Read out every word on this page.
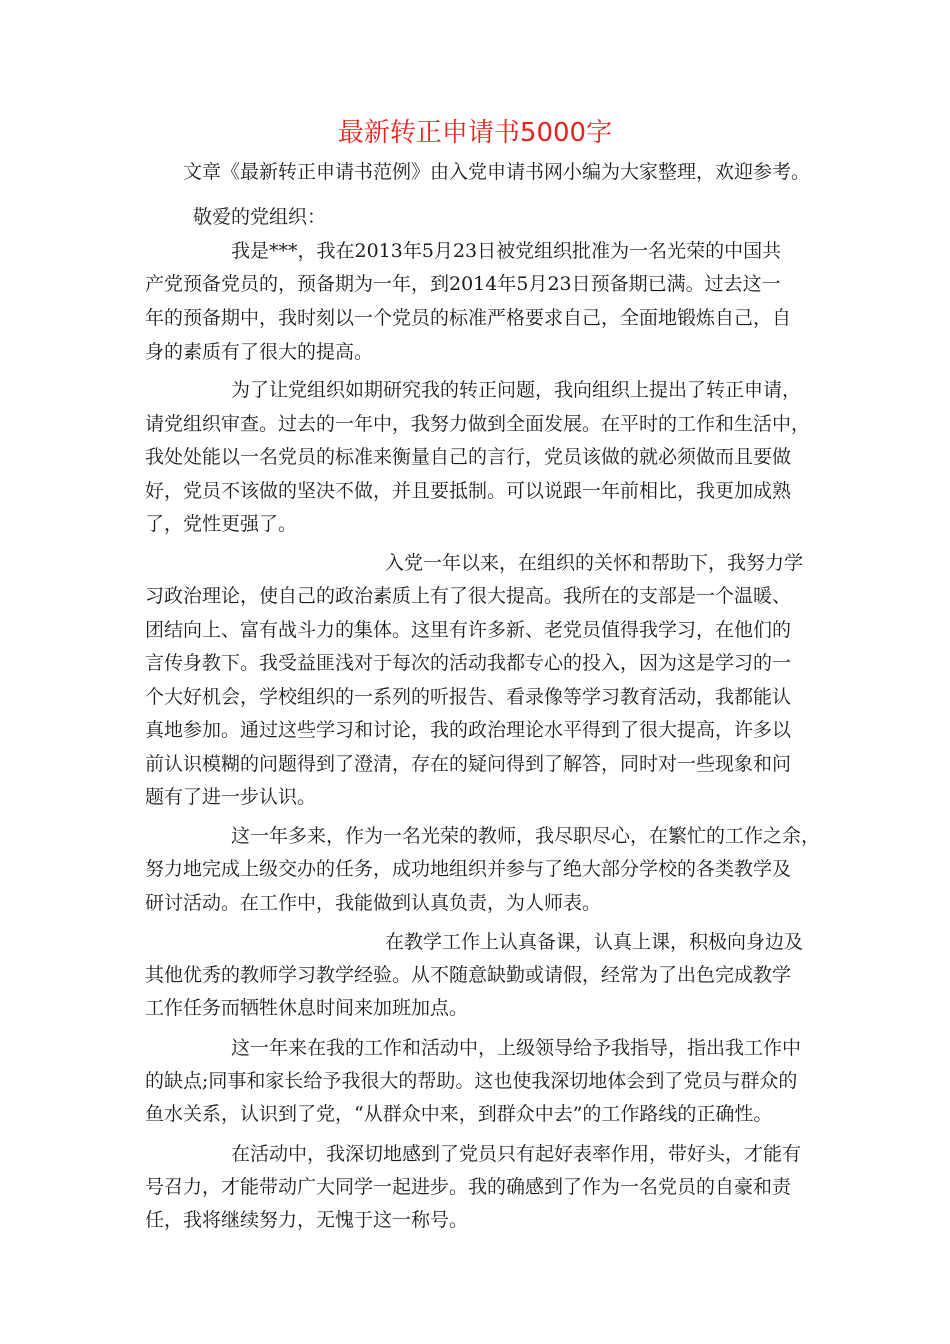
最新转正申请书5000字

文章《最新转正申请书范例》由入党申请书网小编为大家整理，欢迎参考。

敬爱的党组织：

我是***，我在2013年5月23日被党组织批准为一名光荣的中国共

产党预备党员的，预备期为一年，到2014年5月23日预备期已满。过去这一

年的预备期中，我时刻以一个党员的标准严格要求自己，全面地锻炼自己，自

身的素质有了很大的提高。

为了让党组织如期研究我的转正问题，我向组织上提出了转正申请，

请党组织审查。过去的一年中，我努力做到全面发展。在平时的工作和生活中，

我处处能以一名党员的标准来衡量自己的言行，党员该做的就必须做而且要做

好，党员不该做的坚决不做，并且要抵制。可以说跟一年前相比，我更加成熟

了，党性更强了。

入党一年以来，在组织的关怀和帮助下，我努力学

习政治理论，使自己的政治素质上有了很大提高。我所在的支部是一个温暖、

团结向上、富有战斗力的集体。这里有许多新、老党员值得我学习，在他们的

言传身教下。我受益匪浅对于每次的活动我都专心的投入，因为这是学习的一

个大好机会，学校组织的一系列的听报告、看录像等学习教育活动，我都能认

真地参加。通过这些学习和讨论，我的政治理论水平得到了很大提高，许多以

前认识模糊的问题得到了澄清，存在的疑问得到了解答，同时对一些现象和问

题有了进一步认识。

这一年多来，作为一名光荣的教师，我尽职尽心，在繁忙的工作之余，

努力地完成上级交办的任务，成功地组织并参与了绝大部分学校的各类教学及

研讨活动。在工作中，我能做到认真负责，为人师表。

在教学工作上认真备课，认真上课，积极向身边及

其他优秀的教师学习教学经验。从不随意缺勤或请假，经常为了出色完成教学

工作任务而牺牲休息时间来加班加点。

这一年来在我的工作和活动中，上级领导给予我指导，指出我工作中

的缺点;同事和家长给予我很大的帮助。这也使我深切地体会到了党员与群众的

鱼水关系，认识到了党，“从群众中来，到群众中去”的工作路线的正确性。

在活动中，我深切地感到了党员只有起好表率作用，带好头，才能有

号召力，才能带动广大同学一起进步。我的确感到了作为一名党员的自豪和责

任，我将继续努力，无愧于这一称号。
